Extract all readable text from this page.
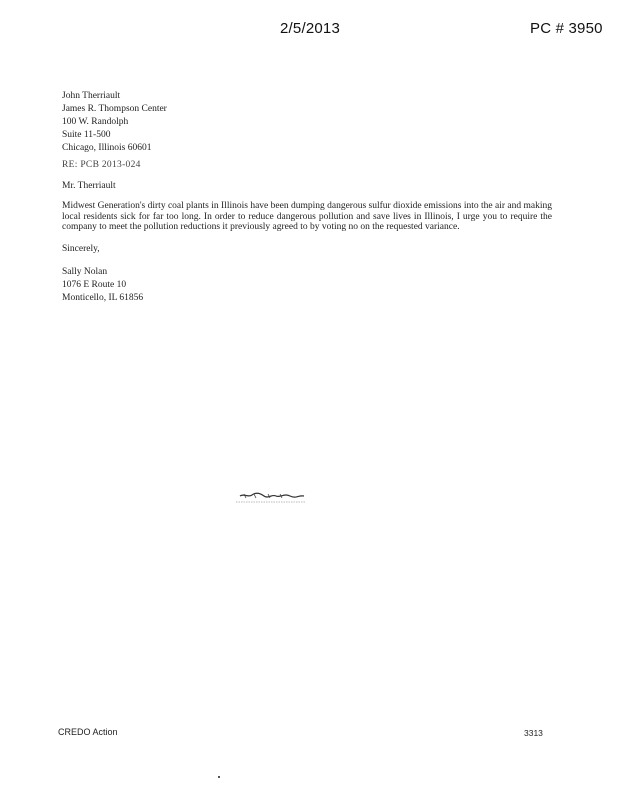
2/5/2013	PC # 3950
John Therriault
James R. Thompson Center
100 W. Randolph
Suite 11-500
Chicago, Illinois 60601
RE: PCB 2013-024
Mr. Therriault
Midwest Generation's dirty coal plants in Illinois have been dumping dangerous sulfur dioxide emissions into the air and making local residents sick for far too long. In order to reduce dangerous pollution and save lives in Illinois, I urge you to require the company to meet the pollution reductions it previously agreed to by voting no on the requested variance.
Sincerely,
Sally Nolan
1076 E Route 10
Monticello, IL 61856
CREDO Action	3313
